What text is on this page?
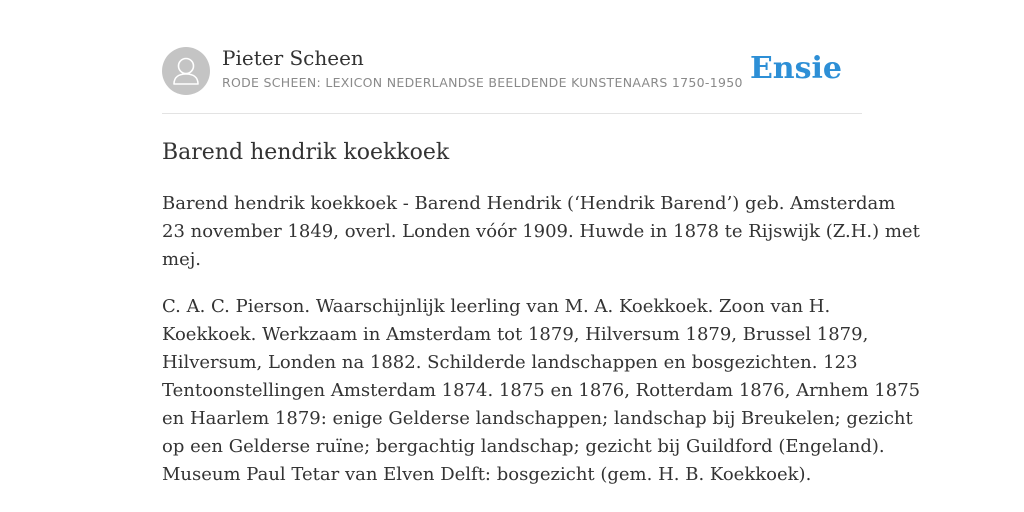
Pieter Scheen
RODE SCHEEN: LEXICON NEDERLANDSE BEELDENDE KUNSTENAARS 1750-1950 Ensie
Barend hendrik koekkoek

Barend hendrik koekkoek - Barend Hendrik (‘Hendrik Barend’) geb. Amsterdam
23 november 1849, overl. Londen vóór 1909. Huwde in 1878 te Rijswijk (Z.H.) met
mej.

C. A. C. Pierson. Waarschijnlijk leerling van M. A. Koekkoek. Zoon van H.
Koekkoek. Werkzaam in Amsterdam tot 1879, Hilversum 1879, Brussel 1879,
Hilversum, Londen na 1882. Schilderde landschappen en bosgezichten. 123
Tentoonstellingen Amsterdam 1874. 1875 en 1876, Rotterdam 1876, Arnhem 1875
en Haarlem 1879: enige Gelderse landschappen; landschap bij Breukelen; gezicht
op een Gelderse ruïne; bergachtig landschap; gezicht bij Guildford (Engeland).
Museum Paul Tetar van Elven Delft: bosgezicht (gem. H. B. Koekkoek).
